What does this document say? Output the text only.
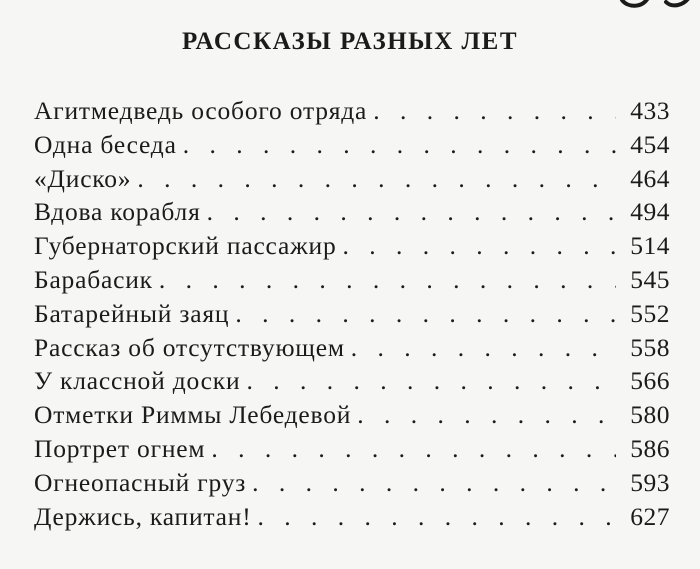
РАССКАЗЫ РАЗНЫХ ЛЕТ
Агитмедведь особого отряда . . .	433
Одна беседа . . .	454
«Диско» . . .	464
Вдова корабля . . .	494
Губернаторский пассажир . . .	514
Барабасик . . .	545
Батарейный заяц . . .	552
Рассказ об отсутствующем . . .	558
У классной доски . . .	566
Отметки Риммы Лебедевой . . .	580
Портрет огнем . . .	586
Огнеопасный груз . . .	593
Держись, капитан! . . .	627
